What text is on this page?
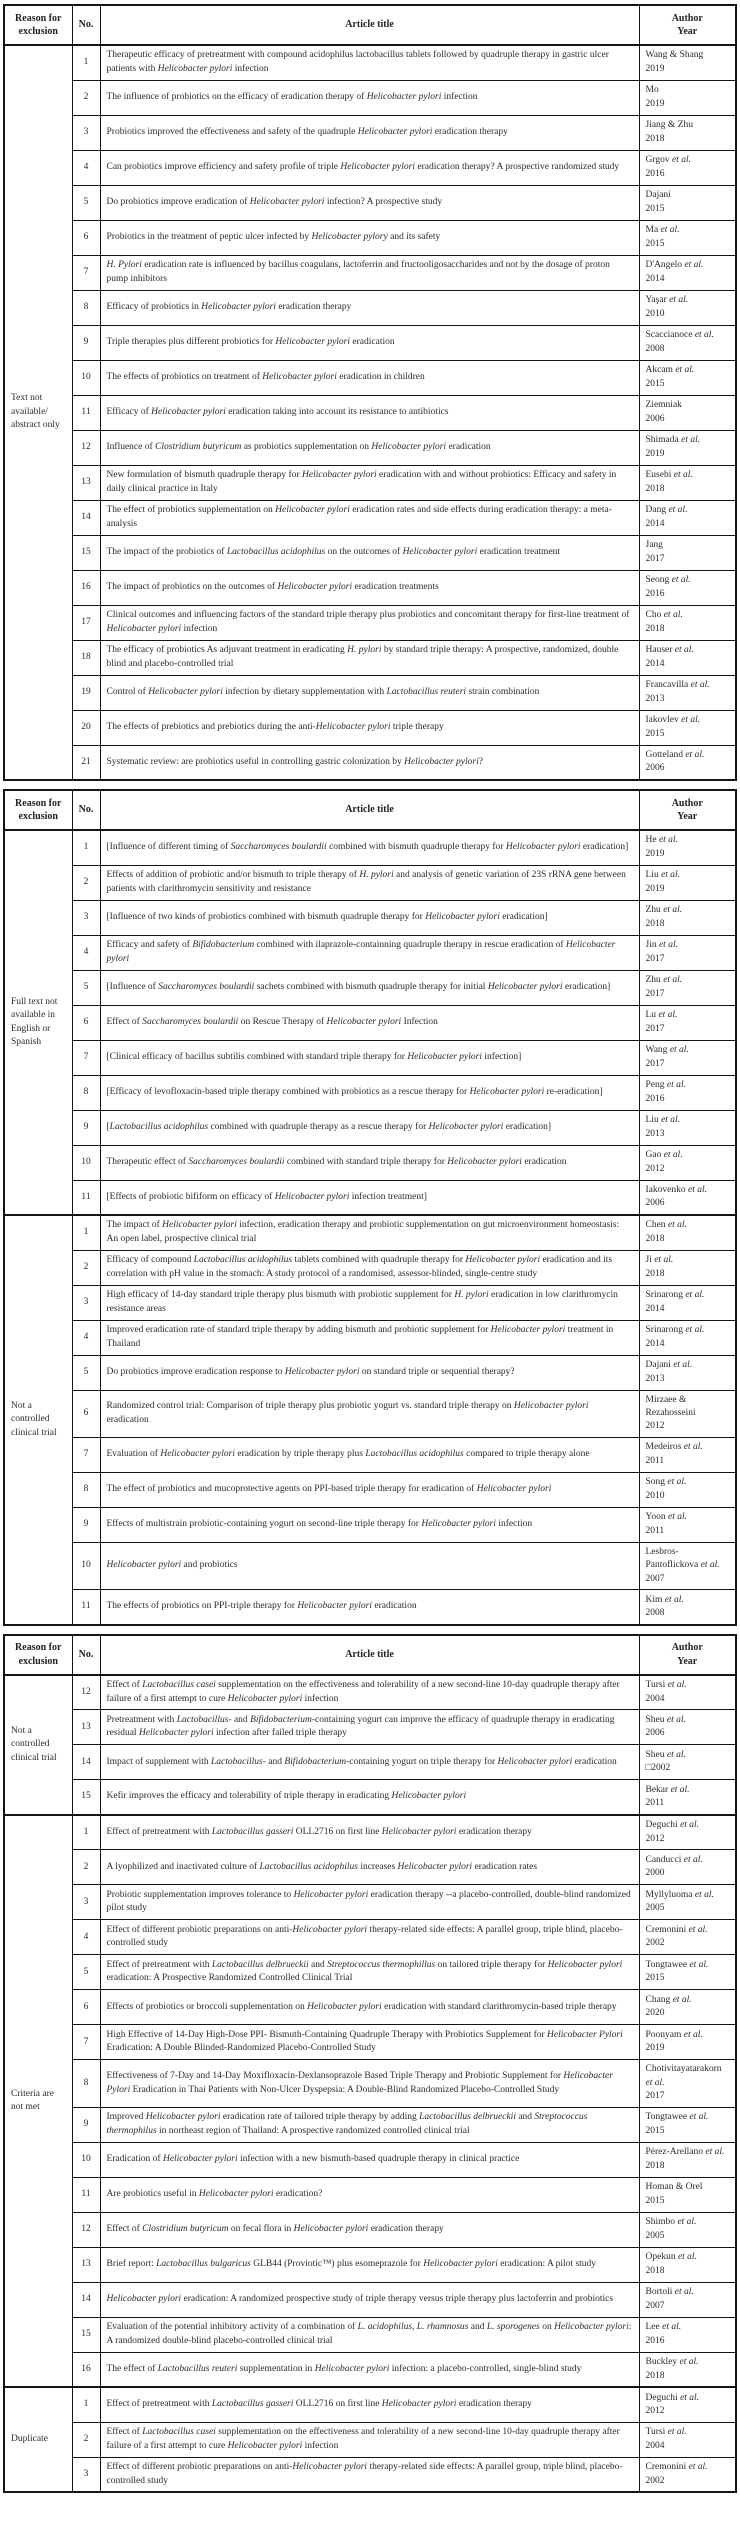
Reason for exclusion	No.	Article title	Author
Year
Text not available/ abstract only	1	Therapeutic efficacy of pretreatment with compound acidophilus lactobacillus tablets followed by quadruple therapy in gastric ulcer patients with Helicobacter pylori infection	Wang & Shang
2019
	2	The influence of probiotics on the efficacy of eradication therapy of Helicobacter pylori infection	Mo
2019
	3	Probiotics improved the effectiveness and safety of the quadruple Helicobacter pylori eradication therapy	Jiang & Zhu
2018
	4	Can probiotics improve efficiency and safety profile of triple Helicobacter pylori eradication therapy? A prospective randomized study	Grgov et al.
2016
	5	Do probiotics improve eradication of Helicobacter pylori infection? A prospective study	Dajani
2015
	6	Probiotics in the treatment of peptic ulcer infected by Helicobacter pylory and its safety	Ma et al.
2015
	7	H. Pylori eradication rate is influenced by bacillus coagulans, lactoferrin and fructooligosaccharides and not by the dosage of proton pump inhibitors	D'Angelo et al.
2014
	8	Efficacy of probiotics in Helicobacter pylori eradication therapy	Yaşar et al.
2010
	9	Triple therapies plus different probiotics for Helicobacter pylori eradication	Scaccianoce et al.
2008
	10	The effects of probiotics on treatment of Helicobacter pylori eradication in children	Akcam et al.
2015
	11	Efficacy of Helicobacter pylori eradication taking into account its resistance to antibiotics	Ziemniak
2006
	12	Influence of Clostridium butyricum as probiotics supplementation on Helicobacter pylori eradication	Shimada et al.
2019
	13	New formulation of bismuth quadruple therapy for Helicobacter pylori eradication with and without probiotics: Efficacy and safety in daily clinical practice in Italy	Eusebi et al.
2018
	14	The effect of probiotics supplementation on Helicobacter pylori eradication rates and side effects during eradication therapy: a meta-analysis	Dang et al.
2014
	15	The impact of the probiotics of Lactobacillus acidophilus on the outcomes of Helicobacter pylori eradication treatment	Jang
2017
	16	The impact of probiotics on the outcomes of Helicobacter pylori eradication treatments	Seong et al.
2016
	17	Clinical outcomes and influencing factors of the standard triple therapy plus probiotics and concomitant therapy for first-line treatment of Helicobacter pylori infection	Cho et al.
2018
	18	The efficacy of probiotics As adjuvant treatment in eradicating H. pylori by standard triple therapy: A prospective, randomized, double blind and placebo-controlled trial	Hauser et al.
2014
	19	Control of Helicobacter pylori infection by dietary supplementation with Lactobacillus reuteri strain combination	Francavilla et al.
2013
	20	The effects of prebiotics and prebiotics during the anti-Helicobacter pylori triple therapy	Iakovlev et al.
2015
	21	Systematic review: are probiotics useful in controlling gastric colonization by Helicobacter pylori?	Gotteland et al.
2006
Reason for exclusion	No.	Article title	Author
Year
Full text not available in English or Spanish	1	[Influence of different timing of Saccharomyces boulardii combined with bismuth quadruple therapy for Helicobacter pylori eradication]	He et al.
2019
	2	Effects of addition of probiotic and/or bismuth to triple therapy of H. pylori and analysis of genetic variation of 23S rRNA gene between patients with clarithromycin sensitivity and resistance	Liu et al.
2019
	3	[Influence of two kinds of probiotics combined with bismuth quadruple therapy for Helicobacter pylori eradication]	Zhu et al.
2018
	4	Efficacy and safety of Bifidobacterium combined with ilaprazole-containning quadruple therapy in rescue eradication of Helicobacter pylori	Jin et al.
2017
	5	[Influence of Saccharomyces boulardii sachets combined with bismuth quadruple therapy for initial Helicobacter pylori eradication]	Zhu et al.
2017
	6	Effect of Saccharomyces boulardii on Rescue Therapy of Helicobacter pylori Infection	Lu et al.
2017
	7	[Clinical efficacy of bacillus subtilis combined with standard triple therapy for Helicobacter pylori infection]	Wang et al.
2017
	8	[Efficacy of levofloxacin-based triple therapy combined with probiotics as a rescue therapy for Helicobacter pylori re-eradication]	Peng et al.
2016
	9	[Lactobacillus acidophilus combined with quadruple therapy as a rescue therapy for Helicobacter pylori eradication]	Liu et al.
2013
	10	Therapeutic effect of Saccharomyces boulardii combined with standard triple therapy for Helicobacter pylori eradication	Gao et al.
2012
	11	[Effects of probiotic bifiform on efficacy of Helicobacter pylori infection treatment]	Iakovenko et al.
2006
Not a controlled clinical trial	1	The impact of Helicobacter pylori infection, eradication therapy and probiotic supplementation on gut microenvironment homeostasis: An open label, prospective clinical trial	Chen et al.
2018
	2	Efficacy of compound Lactobacillus acidophilus tablets combined with quadruple therapy for Helicobacter pylori eradication and its correlation with pH value in the stomach: A study protocol of a randomised, assessor-blinded, single-centre study	Ji et al.
2018
	3	High efficacy of 14-day standard triple therapy plus bismuth with probiotic supplement for H. pylori eradication in low clarithromycin resistance areas	Srinarong et al.
2014
	4	Improved eradication rate of standard triple therapy by adding bismuth and probiotic supplement for Helicobacter pylori treatment in Thailand	Srinarong et al.
2014
	5	Do probiotics improve eradication response to Helicobacter pylori on standard triple or sequential therapy?	Dajani et al.
2013
	6	Randomized control trial: Comparison of triple therapy plus probiotic yogurt vs. standard triple therapy on Helicobacter pylori eradication	Mirzaee & Rezahosseini
2012
	7	Evaluation of Helicobacter pylori eradication by triple therapy plus Lactobacillus acidophilus compared to triple therapy alone	Medeiros et al.
2011
	8	The effect of probiotics and mucoprotective agents on PPI-based triple therapy for eradication of Helicobacter pylori	Song et al.
2010
	9	Effects of multistrain probiotic-containing yogurt on second-line triple therapy for Helicobacter pylori infection	Yoon et al.
2011
	10	Helicobacter pylori and probiotics	Lesbros-Pantoflickova et al.
2007
	11	The effects of probiotics on PPI-triple therapy for Helicobacter pylori eradication	Kim et al.
2008
Reason for exclusion	No.	Article title	Author
Year
Not a controlled clinical trial	12	Effect of Lactobacillus casei supplementation on the effectiveness and tolerability of a new second-line 10-day quadruple therapy after failure of a first attempt to cure Helicobacter pylori infection	Tursi et al.
2004
	13	Pretreatment with Lactobacillus- and Bifidobacterium-containing yogurt can improve the efficacy of quadruple therapy in eradicating residual Helicobacter pylori infection after failed triple therapy	Sheu et al.
2006
	14	Impact of supplement with Lactobacillus- and Bifidobacterium-containing yogurt on triple therapy for Helicobacter pylori eradication	Sheu et al.
□2002
	15	Kefir improves the efficacy and tolerability of triple therapy in eradicating Helicobacter pylori	Bekar et al.
2011
Criteria are not met	1	Effect of pretreatment with Lactobacillus gasseri OLL2716 on first line Helicobacter pylori eradication therapy	Deguchi et al.
2012
	2	A lyophilized and inactivated culture of Lactobacillus acidophilus increases Helicobacter pylori eradication rates	Canducci et al.
2000
	3	Probiotic supplementation improves tolerance to Helicobacter pylori eradication therapy --a placebo-controlled, double-blind randomized pilot study	Myllyluoma et al.
2005
	4	Effect of different probiotic preparations on anti-Helicobacter pylori therapy-related side effects: A parallel group, triple blind, placebo-controlled study	Cremonini et al.
2002
	5	Effect of pretreatment with Lactobacillus delbrueckii and Streptococcus thermophillus on tailored triple therapy for Helicobacter pylori eradication: A Prospective Randomized Controlled Clinical Trial	Tongtawee et al.
2015
	6	Effects of probiotics or broccoli supplementation on Helicobacter pylori eradication with standard clarithromycin-based triple therapy	Chang et al.
2020
	7	High Effective of 14-Day High-Dose PPI- Bismuth-Containing Quadruple Therapy with Probiotics Supplement for Helicobacter Pylori Eradication: A Double Blinded-Randomized Placebo-Controlled Study	Poonyam et al.
2019
	8	Effectiveness of 7-Day and 14-Day Moxifloxacin-Dexlansoprazole Based Triple Therapy and Probiotic Supplement for Helicobacter Pylori Eradication in Thai Patients with Non-Ulcer Dyspepsia: A Double-Blind Randomized Placebo-Controlled Study	Chotivitayatarakorn et al.
2017
	9	Improved Helicobacter pylori eradication rate of tailored triple therapy by adding Lactobacillus delbrueckii and Streptococcus thermophilus in northeast region of Thailand: A prospective randomized controlled clinical trial	Tongtawee et al.
2015
	10	Eradication of Helicobacter pylori infection with a new bismuth-based quadruple therapy in clinical practice	Pérez-Arellano et al.
2018
	11	Are probiotics useful in Helicobacter pylori eradication?	Homan & Orel
2015
	12	Effect of Clostridium butyricum on fecal flora in Helicobacter pylori eradication therapy	Shimbo et al.
2005
	13	Brief report: Lactobacillus bulgaricus GLB44 (Proviotic™) plus esomeprazole for Helicobacter pylori eradication: A pilot study	Opekun et al.
2018
	14	Helicobacter pylori eradication: A randomized prospective study of triple therapy versus triple therapy plus lactoferrin and probiotics	Bortoli et al.
2007
	15	Evaluation of the potential inhibitory activity of a combination of L. acidophilus, L. rhamnosus and L. sporogenes on Helicobacter pylori: A randomized double-blind placebo-controlled clinical trial	Lee et al.
2016
	16	The effect of Lactobacillus reuteri supplementation in Helicobacter pylori infection: a placebo-controlled, single-blind study	Buckley et al.
2018
Duplicate	1	Effect of pretreatment with Lactobacillus gasseri OLL2716 on first line Helicobacter pylori eradication therapy	Deguchi et al.
2012
	2	Effect of Lactobacillus casei supplementation on the effectiveness and tolerability of a new second-line 10-day quadruple therapy after failure of a first attempt to cure Helicobacter pylori infection	Tursi et al.
2004
	3	Effect of different probiotic preparations on anti-Helicobacter pylori therapy-related side effects: A parallel group, triple blind, placebo-controlled study	Cremonini et al.
2002
